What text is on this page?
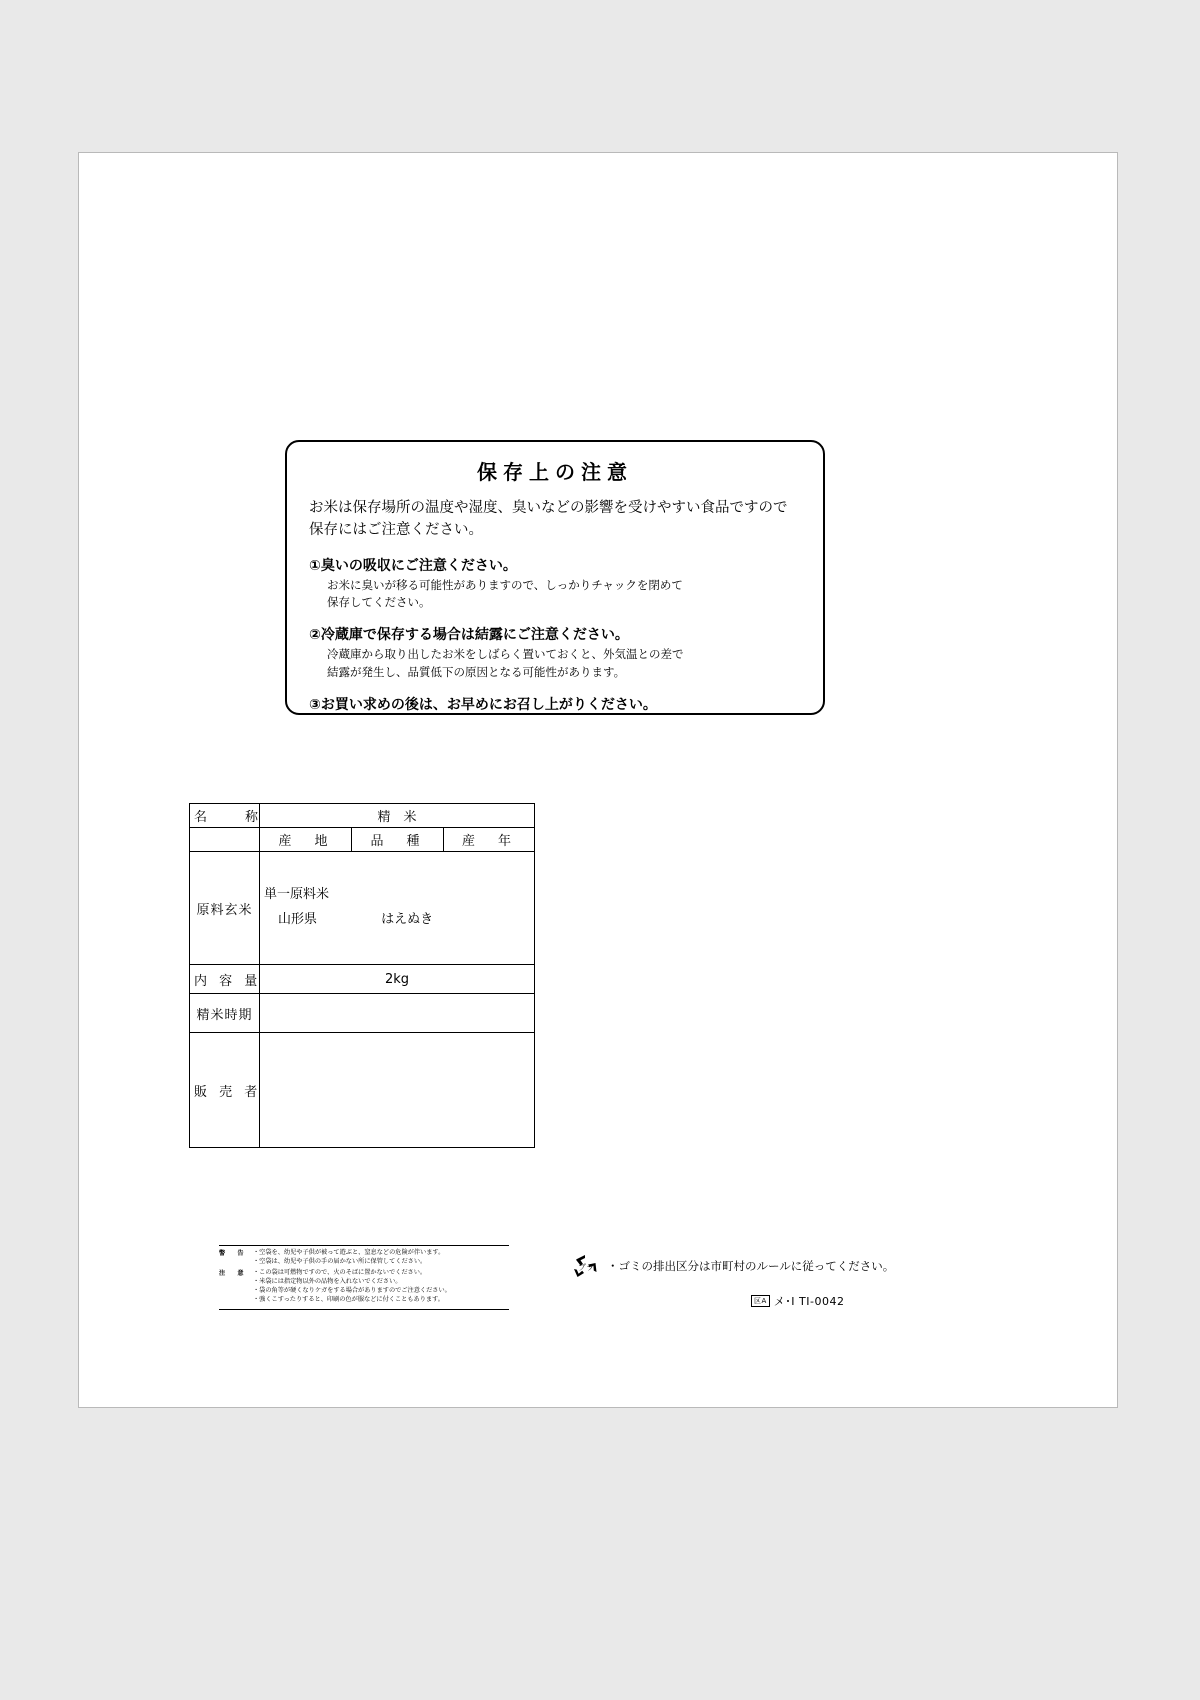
保存上の注意
お米は保存場所の温度や湿度、臭いなどの影響を受けやすい食品ですので保存にはご注意ください。
①臭いの吸収にご注意ください。
お米に臭いが移る可能性がありますので、しっかりチャックを閉めて
保存してください。
②冷蔵庫で保存する場合は結露にご注意ください。
冷蔵庫から取り出したお米をしばらく置いておくと、外気温との差で
結露が発生し、品質低下の原因となる可能性があります。
③お買い求めの後は、お早めにお召し上がりください。
名　　称	精　米		
	産　地	品　種	産　年
原料玄米	単一原料米
山形県 はえぬき		

内 容 量	2kg		
精米時期			
販 売 者			
警　告	・空袋を、幼児や子供が被って遊ぶと、窒息などの危険が伴います。
・空袋は、幼児や子供の手の届かない所に保管してください。
注　意	・この袋は可燃物ですので、火のそばに置かないでください。
・米袋には指定物以外の品物を入れないでください。
・袋の角等が硬くなりケガをする場合がありますのでご注意ください。
・強くこすったりすると、印刷の色が服などに付くこともあります。
プラ ・ゴミの排出区分は市町村のルールに従ってください。
区A メ･I TI-0042
